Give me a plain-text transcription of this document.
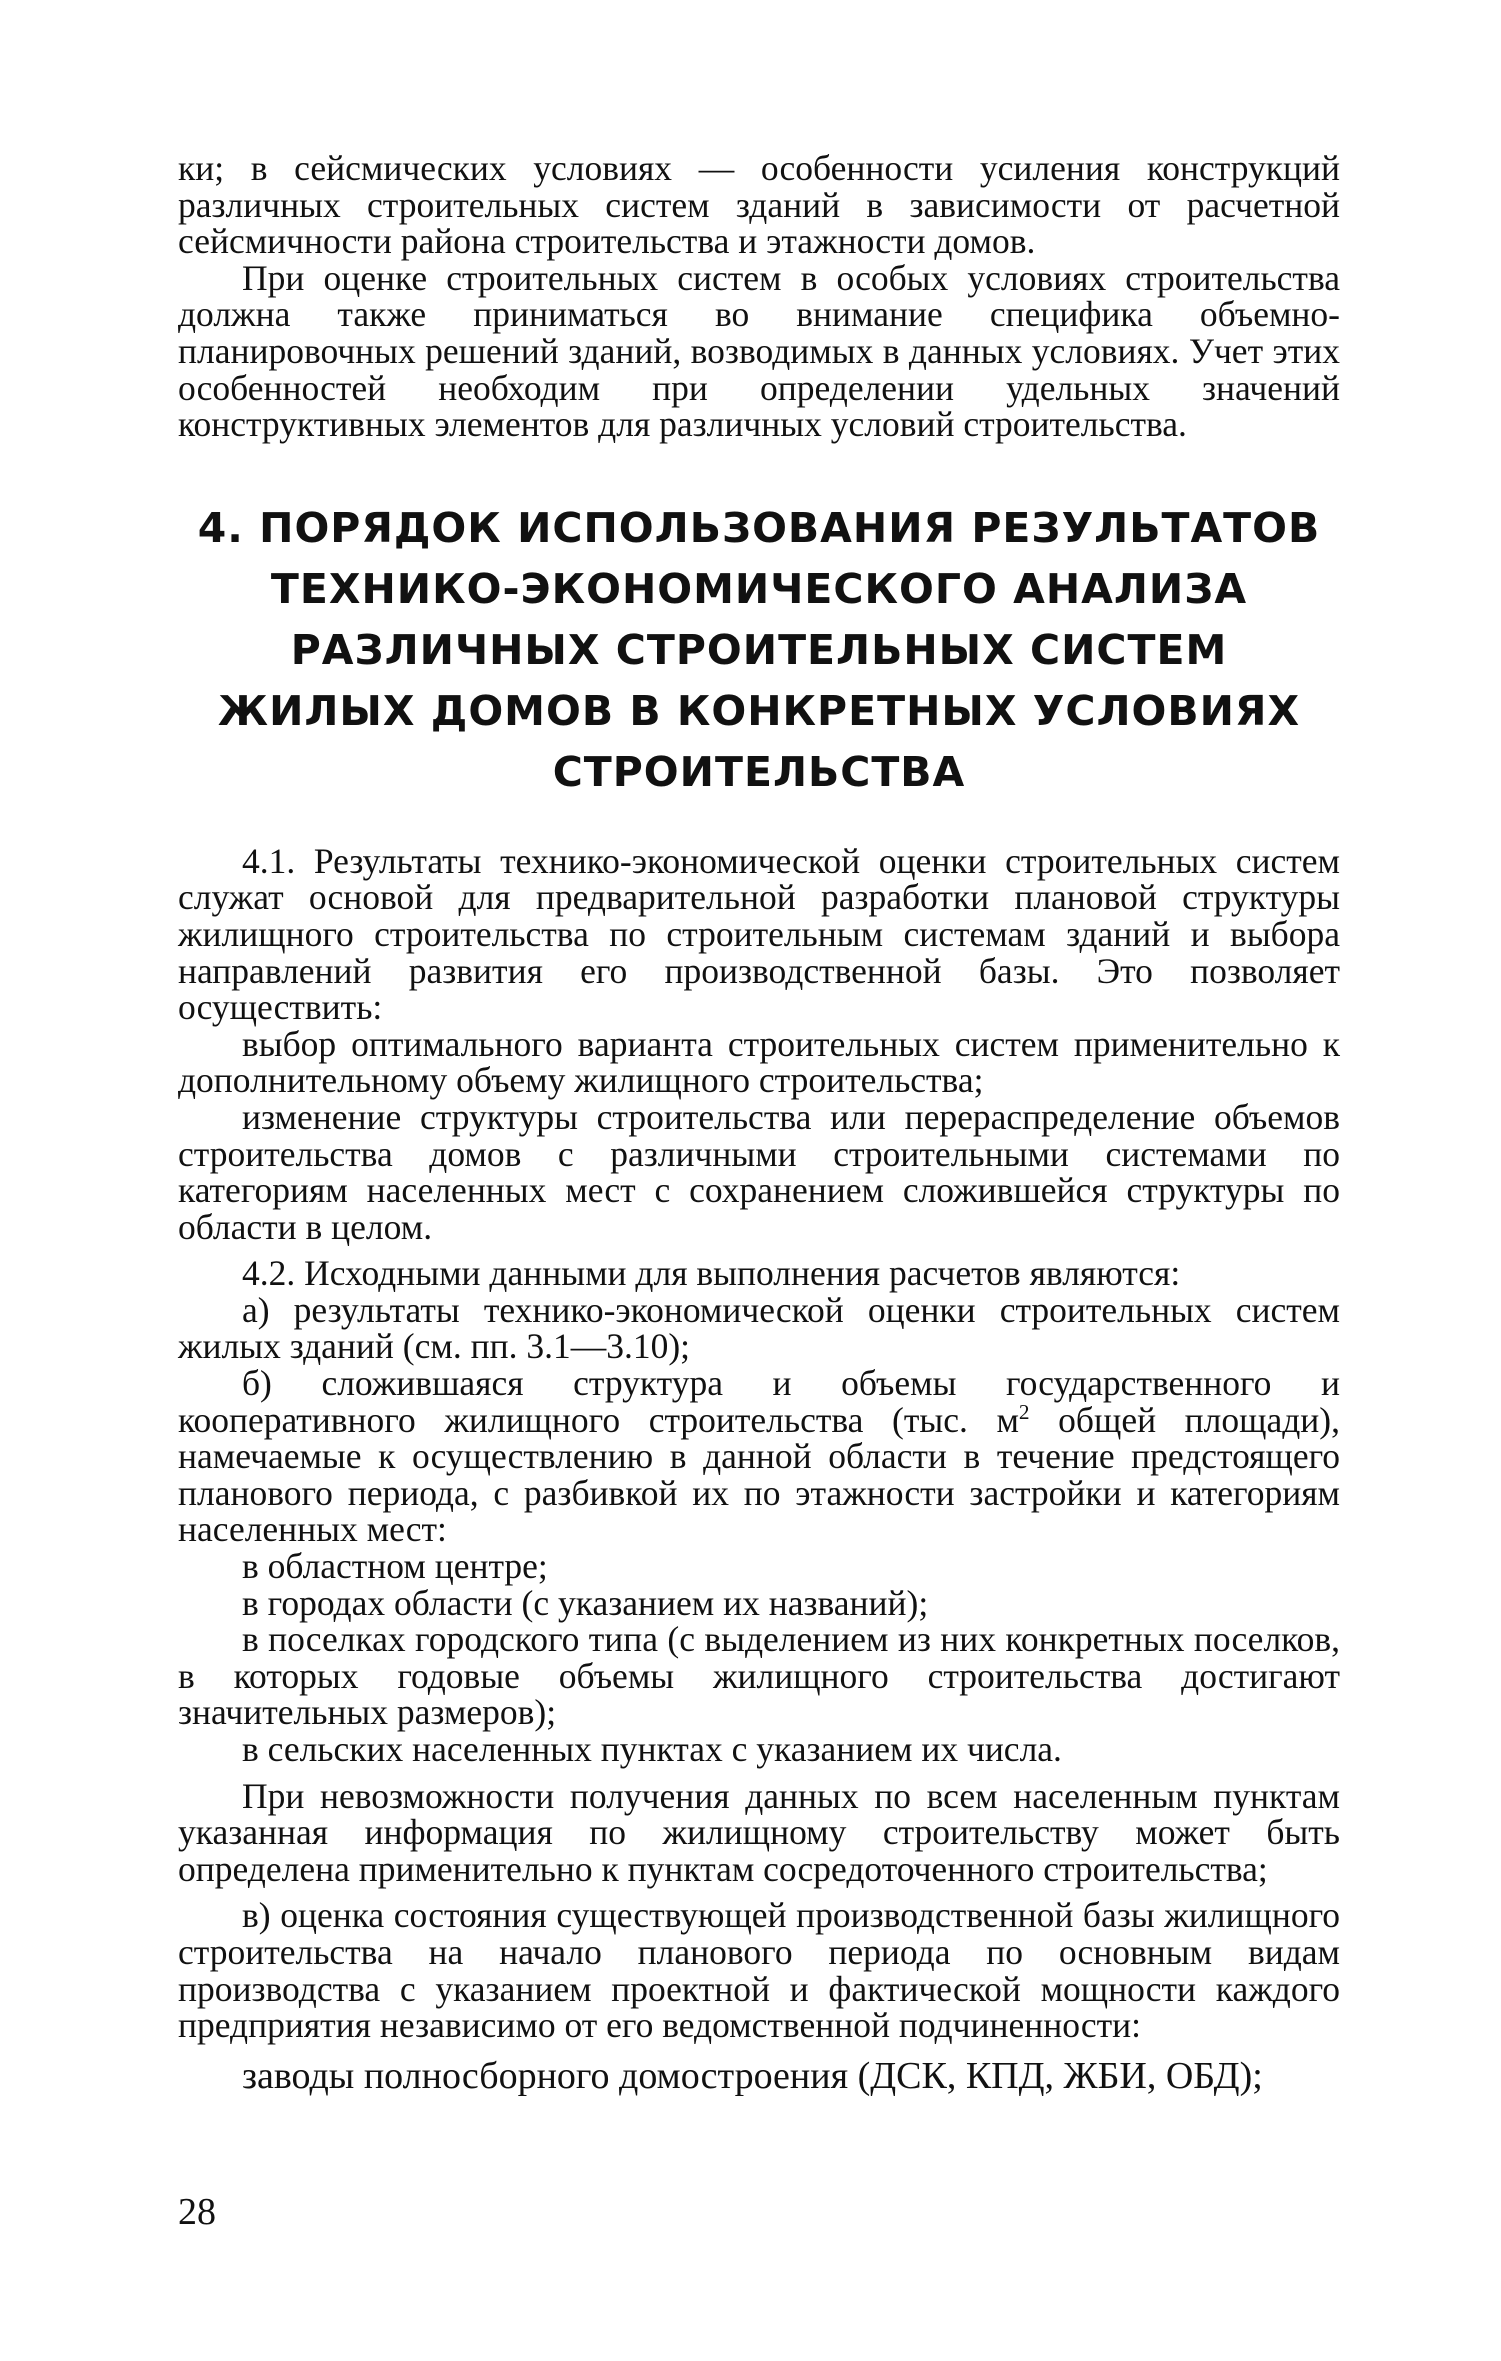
ки; в сейсмических условиях — особенности усиления конструкций различных строительных систем зданий в зависимости от расчетной сейсмичности района строительства и этажности домов.

При оценке строительных систем в особых условиях строительства должна также приниматься во внимание специфика объемно-планировочных решений зданий, возводимых в данных условиях. Учет этих особенностей необходим при определении удельных значений конструктивных элементов для различных условий строительства.

4. ПОРЯДОК ИСПОЛЬЗОВАНИЯ РЕЗУЛЬТАТОВ
ТЕХНИКО-ЭКОНОМИЧЕСКОГО АНАЛИЗА
РАЗЛИЧНЫХ СТРОИТЕЛЬНЫХ СИСТЕМ
ЖИЛЫХ ДОМОВ В КОНКРЕТНЫХ УСЛОВИЯХ
СТРОИТЕЛЬСТВА

4.1. Результаты технико-экономической оценки строительных систем служат основой для предварительной разработки плановой структуры жилищного строительства по строительным системам зданий и выбора направлений развития его производственной базы. Это позволяет осуществить:

выбор оптимального варианта строительных систем применительно к дополнительному объему жилищного строительства;

изменение структуры строительства или перераспределение объемов строительства домов с различными строительными системами по категориям населенных мест с сохранением сложившейся структуры по области в целом.

4.2. Исходными данными для выполнения расчетов являются:

а) результаты технико-экономической оценки строительных систем жилых зданий (см. пп. 3.1—3.10);

б) сложившаяся структура и объемы государственного и кооперативного жилищного строительства (тыс. $м^2$ общей площади), намечаемые к осуществлению в данной области в течение предстоящего планового периода, с разбивкой их по этажности застройки и категориям населенных мест:

в областном центре;

в городах области (с указанием их названий);

в поселках городского типа (с выделением из них конкретных поселков, в которых годовые объемы жилищного строительства достигают значительных размеров);

в сельских населенных пунктах с указанием их числа.

При невозможности получения данных по всем населенным пунктам указанная информация по жилищному строительству может быть определена применительно к пунктам сосредоточенного строительства;

в) оценка состояния существующей производственной базы жилищного строительства на начало планового периода по основным видам производства с указанием проектной и фактической мощности каждого предприятия независимо от его ведомственной подчиненности:

заводы полносборного домостроения (ДСК, КПД, ЖБИ, ОБД);

28
